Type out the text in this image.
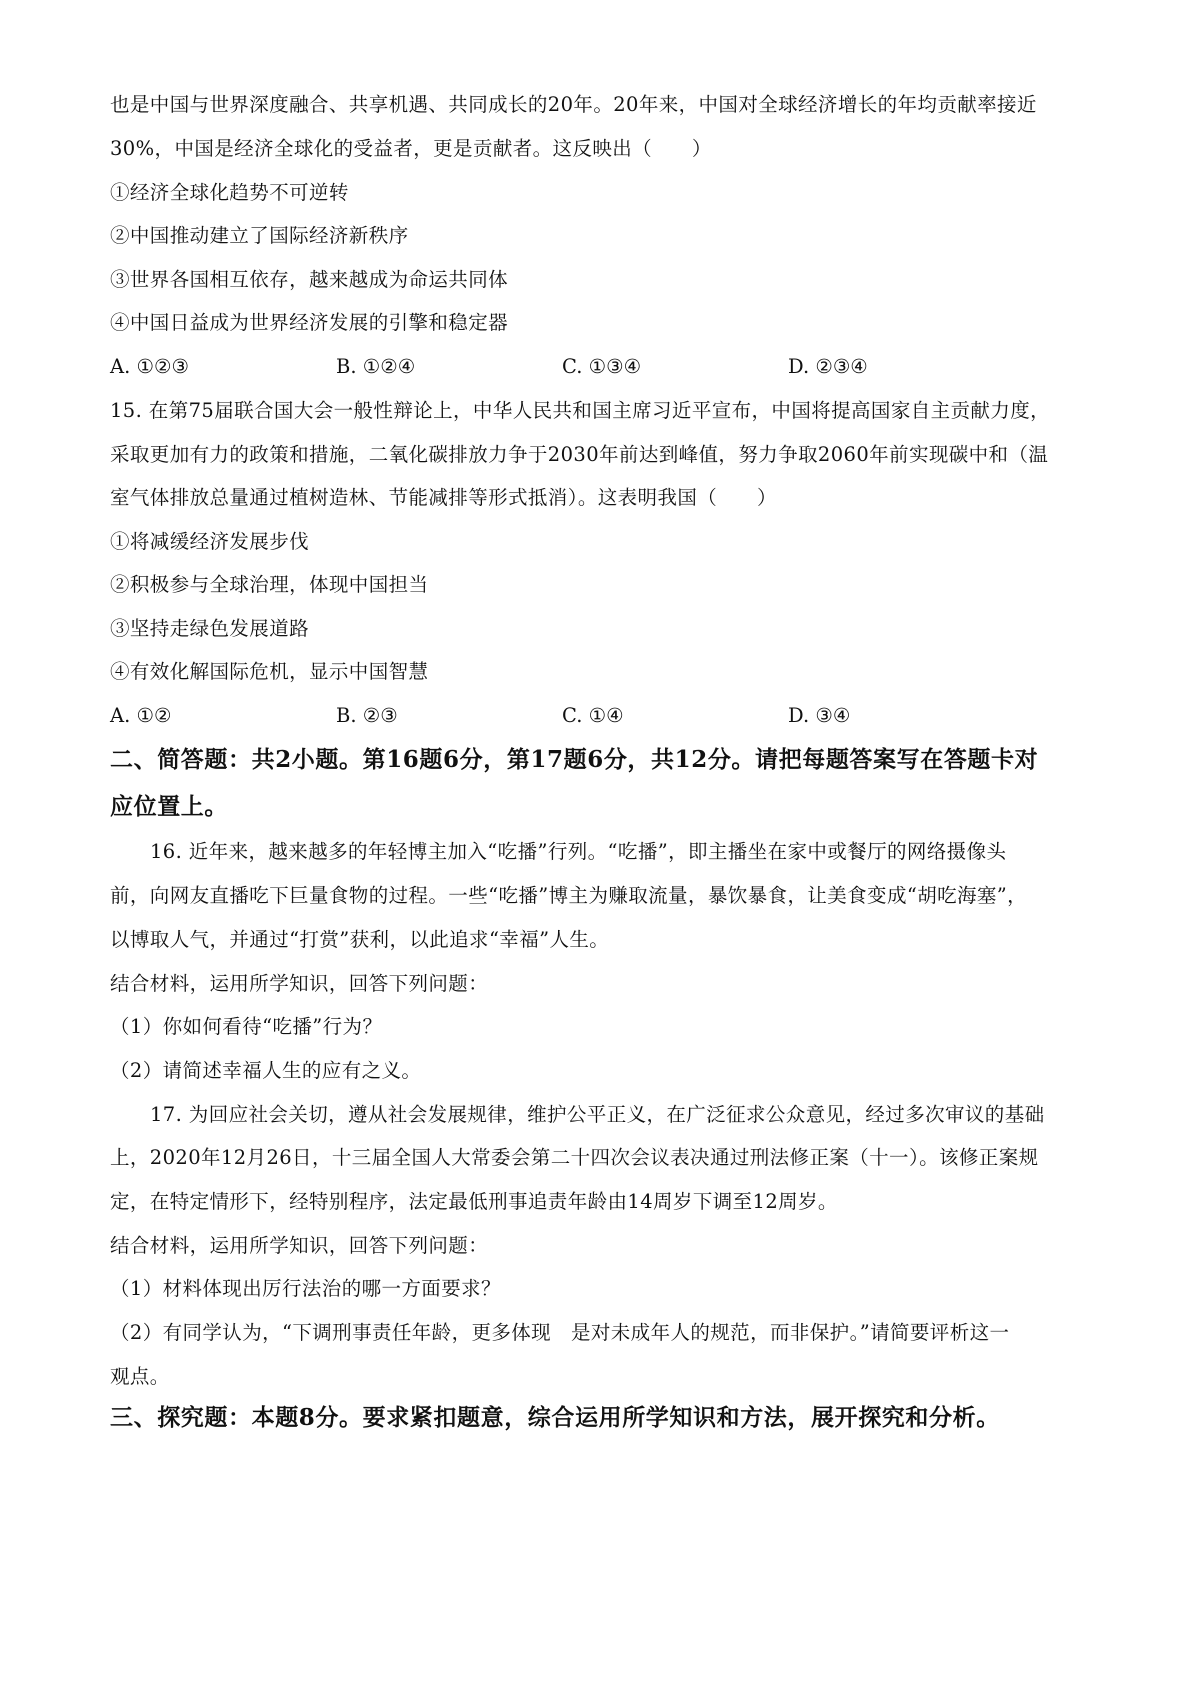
也是中国与世界深度融合、共享机遇、共同成长的20年。20年来，中国对全球经济增长的年均贡献率接近
30%，中国是经济全球化的受益者，更是贡献者。这反映出（　　）
①经济全球化趋势不可逆转
②中国推动建立了国际经济新秩序
③世界各国相互依存，越来越成为命运共同体
④中国日益成为世界经济发展的引擎和稳定器
A. ①②③	B. ①②④	C. ①③④	D. ②③④
15. 在第75届联合国大会一般性辩论上，中华人民共和国主席习近平宣布，中国将提高国家自主贡献力度，
采取更加有力的政策和措施，二氧化碳排放力争于2030年前达到峰值，努力争取2060年前实现碳中和（温
室气体排放总量通过植树造林、节能减排等形式抵消）。这表明我国（　　）
①将减缓经济发展步伐
②积极参与全球治理，体现中国担当
③坚持走绿色发展道路
④有效化解国际危机，显示中国智慧
A. ①②	B. ②③	C. ①④	D. ③④
二、简答题：共2小题。第16题6分，第17题6分，共12分。请把每题答案写在答题卡对
应位置上。
16. 近年来，越来越多的年轻博主加入“吃播”行列。“吃播”，即主播坐在家中或餐厅的网络摄像头
前，向网友直播吃下巨量食物的过程。一些“吃播”博主为赚取流量，暴饮暴食，让美食变成“胡吃海塞”，
以博取人气，并通过“打赏”获利，以此追求“幸福”人生。
结合材料，运用所学知识，回答下列问题：
（1）你如何看待“吃播”行为？
（2）请简述幸福人生的应有之义。
17. 为回应社会关切，遵从社会发展规律，维护公平正义，在广泛征求公众意见，经过多次审议的基础
上，2020年12月26日，十三届全国人大常委会第二十四次会议表决通过刑法修正案（十一）。该修正案规
定，在特定情形下，经特别程序，法定最低刑事追责年龄由14周岁下调至12周岁。
结合材料，运用所学知识，回答下列问题：
（1）材料体现出厉行法治的哪一方面要求？
（2）有同学认为，“下调刑事责任年龄，更多体现　是对未成年人的规范，而非保护。”请简要评析这一
观点。
三、探究题：本题8分。要求紧扣题意，综合运用所学知识和方法，展开探究和分析。
